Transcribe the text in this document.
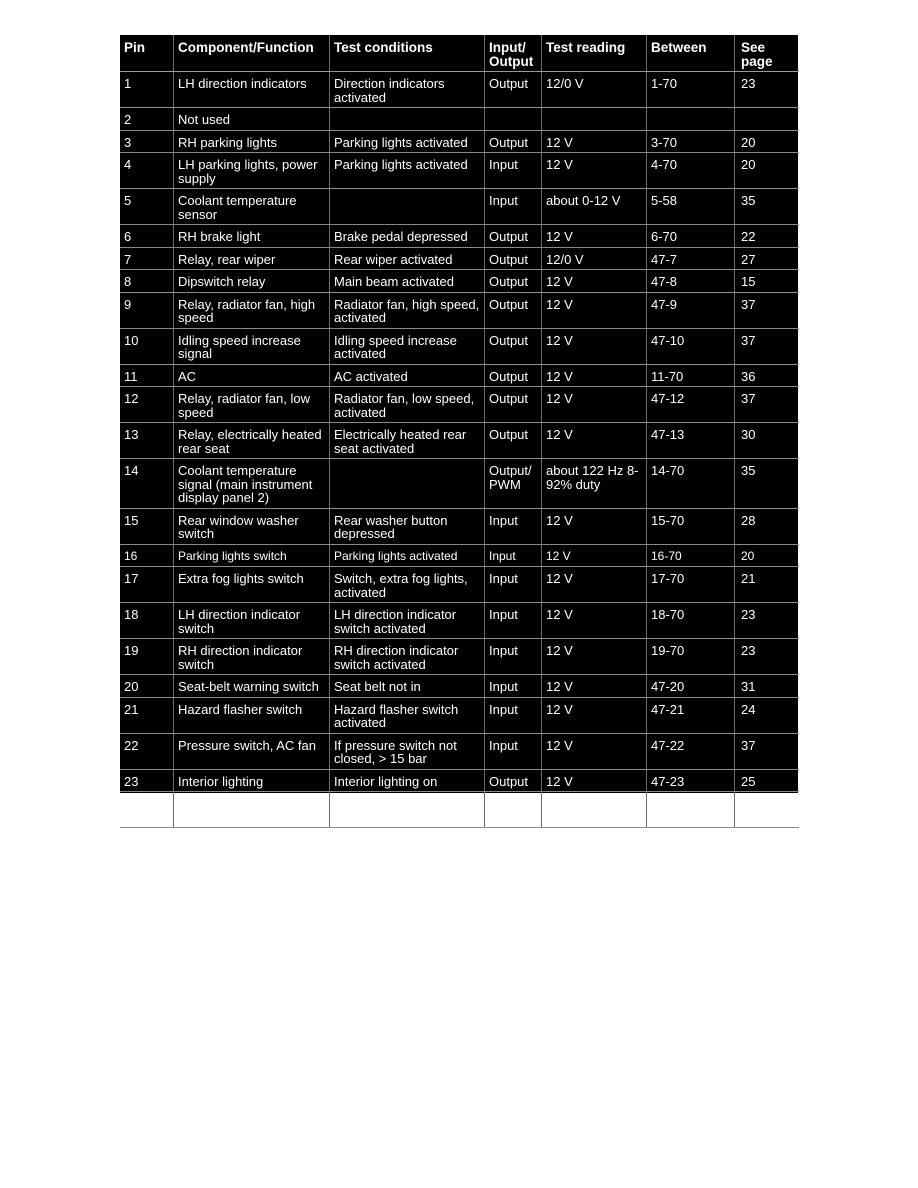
Pin	Component/Function	Test conditions	Input/ Output	Test reading	Between	See page
1	LH direction indicators	Direction indicators activated	Output	12/0 V	1-70	23
2	Not used					
3	RH parking lights	Parking lights activated	Output	12 V	3-70	20
4	LH parking lights, power supply	Parking lights activated	Input	12 V	4-70	20
5	Coolant temperature sensor		Input	about 0-12 V	5-58	35
6	RH brake light	Brake pedal depressed	Output	12 V	6-70	22
7	Relay, rear wiper	Rear wiper activated	Output	12/0 V	47-7	27
8	Dipswitch relay	Main beam activated	Output	12 V	47-8	15
9	Relay, radiator fan, high speed	Radiator fan, high speed, activated	Output	12 V	47-9	37
10	Idling speed increase signal	Idling speed increase activated	Output	12 V	47-10	37
11	AC	AC activated	Output	12 V	11-70	36
12	Relay, radiator fan, low speed	Radiator fan, low speed, activated	Output	12 V	47-12	37
13	Relay, electrically heated rear seat	Electrically heated rear seat activated	Output	12 V	47-13	30
14	Coolant temperature signal (main instrument display panel 2)		Output/ PWM	about 122 Hz 8-92% duty	14-70	35
15	Rear window washer switch	Rear washer button depressed	Input	12 V	15-70	28
16	Parking lights switch	Parking lights activated	Input	12 V	16-70	20
17	Extra fog lights switch	Switch, extra fog lights, activated	Input	12 V	17-70	21
18	LH direction indicator switch	LH direction indicator switch activated	Input	12 V	18-70	23
19	RH direction indicator switch	RH direction indicator switch activated	Input	12 V	19-70	23
20	Seat-belt warning switch	Seat belt not in	Input	12 V	47-20	31
21	Hazard flasher switch	Hazard flasher switch activated	Input	12 V	47-21	24
22	Pressure switch, AC fan	If pressure switch not closed, > 15 bar	Input	12 V	47-22	37
23	Interior lighting	Interior lighting on	Output	12 V	47-23	25
24	Power supply, direction indicators	Always	Input	12 V	24-70	11
